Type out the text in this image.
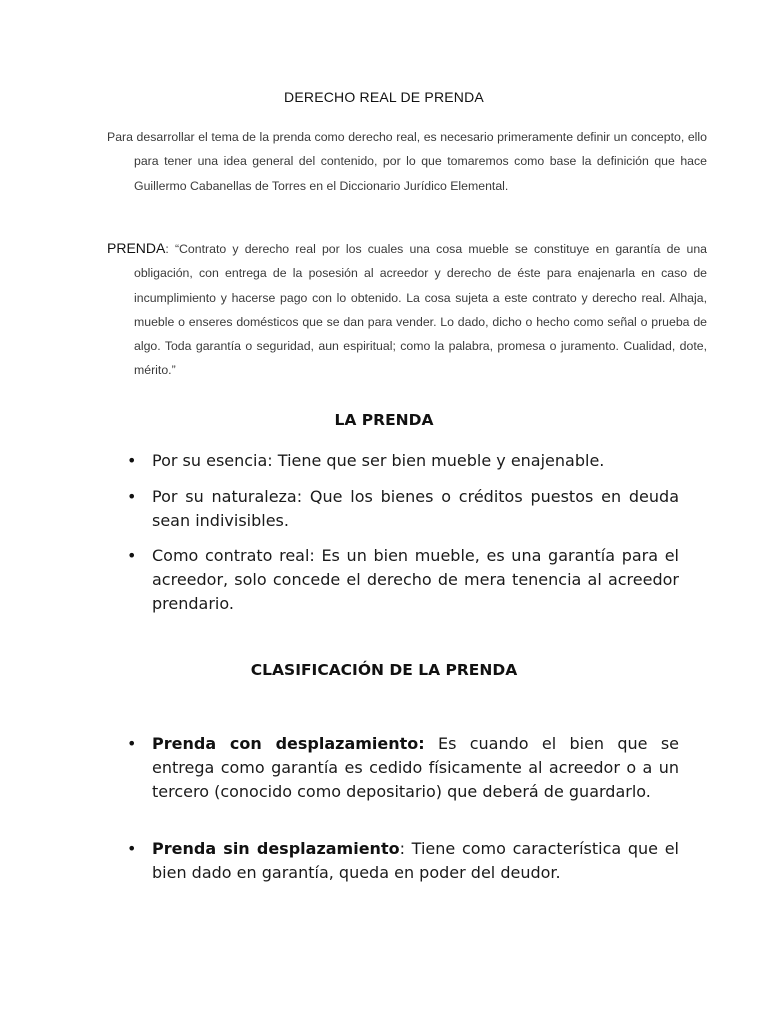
DERECHO REAL DE PRENDA

Para desarrollar el tema de la prenda como derecho real, es necesario primeramente definir un concepto, ello para tener una idea general del contenido, por lo que tomaremos como base la definición que hace Guillermo Cabanellas de Torres en el Diccionario Jurídico Elemental.

PRENDA: “Contrato y derecho real por los cuales una cosa mueble se constituye en garantía de una obligación, con entrega de la posesión al acreedor y derecho de éste para enajenarla en caso de incumplimiento y hacerse pago con lo obtenido. La cosa sujeta a este contrato y derecho real. Alhaja, mueble o enseres domésticos que se dan para vender. Lo dado, dicho o hecho como señal o prueba de algo. Toda garantía o seguridad, aun espiritual; como la palabra, promesa o juramento. Cualidad, dote, mérito.”

LA PRENDA
• Por su esencia: Tiene que ser bien mueble y enajenable.
• Por su naturaleza: Que los bienes o créditos puestos en deuda sean indivisibles.
• Como contrato real: Es un bien mueble, es una garantía para el acreedor, solo concede el derecho de mera tenencia al acreedor prendario.
CLASIFICACIÓN DE LA PRENDA
• Prenda con desplazamiento: Es cuando el bien que se entrega como garantía es cedido físicamente al acreedor o a un tercero (conocido como depositario) que deberá de guardarlo.
• Prenda sin desplazamiento: Tiene como característica que el bien dado en garantía, queda en poder del deudor.
